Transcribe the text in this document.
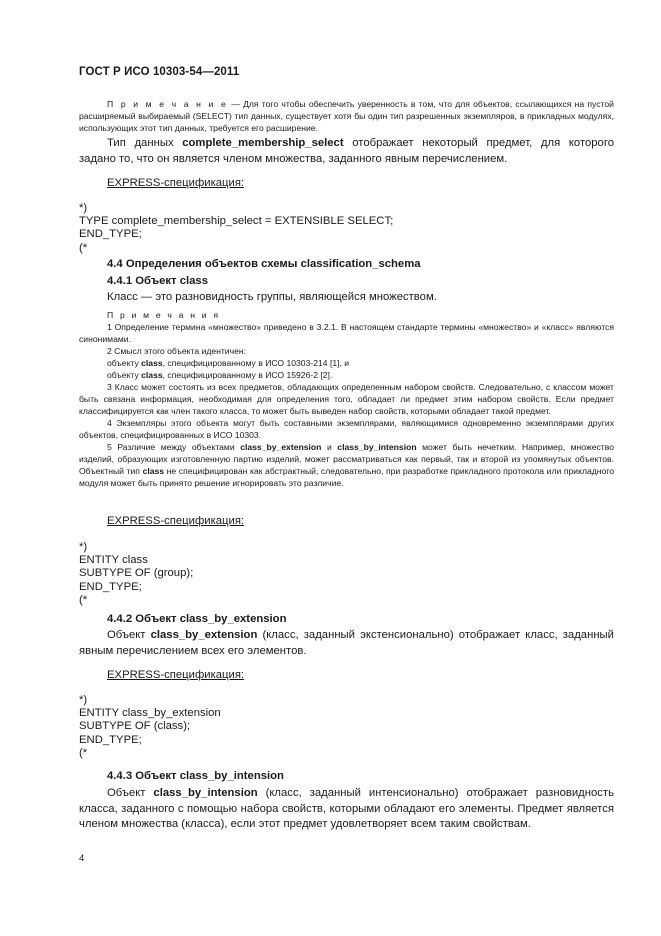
ГОСТ Р ИСО 10303-54—2011

П р и м е ч а н и е — Для того чтобы обеспечить уверенность в том, что для объектов, ссылающихся на пустой расширяемый выбираемый (SELECT) тип данных, существует хотя бы один тип разрешенных экземпляров, в прикладных модулях, использующих этот тип данных, требуется его расширение.

Тип данных complete_membership_select отображает некоторый предмет, для которого задано то, что он является членом множества, заданного явным перечислением.

EXPRESS-спецификация:
*)
TYPE complete_membership_select = EXTENSIBLE SELECT;
END_TYPE;
(*
4.4 Определения объектов схемы classification_schema
4.4.1 Объект class
Класс — это разновидность группы, являющейся множеством.

П р и м е ч а н и я

1 Определение термина «множество» приведено в 3.2.1. В настоящем стандарте термины «множество» и «класс» являются синонимами.

2 Смысл этого объекта идентичен:

объекту class, специфицированному в ИСО 10303-214 [1], и

объекту class, специфицированному в ИСО 15926-2 [2].

3 Класс может состоять из всех предметов, обладающих определенным набором свойств. Следовательно, с классом может быть связана информация, необходимая для определения того, обладает ли предмет этим набором свойств. Если предмет классифицируется как член такого класса, то может быть выведен набор свойств, которыми обладает такой предмет.

4 Экземпляры этого объекта могут быть составными экземплярами, являющимися одновременно экземплярами других объектов, специфицированных в ИСО 10303.

5 Различие между объектами class_by_extension и class_by_intension может быть нечетким. Например, множество изделий, образующих изготовленную партию изделий, может рассматриваться как первый, так и второй из упомянутых объектов. Объектный тип class не специфицирован как абстрактный, следовательно, при разработке прикладного протокола или прикладного модуля может быть принято решение игнорировать это различие.

EXPRESS-спецификация:
*)
ENTITY class
SUBTYPE OF (group);
END_TYPE;
(*
4.4.2 Объект class_by_extension

Объект class_by_extension (класс, заданный экстенсионально) отображает класс, заданный явным перечислением всех его элементов.

EXPRESS-спецификация:
*)
ENTITY class_by_extension
SUBTYPE OF (class);
END_TYPE;
(*
4.4.3 Объект class_by_intension

Объект class_by_intension (класс, заданный интенсионально) отображает разновидность класса, заданного с помощью набора свойств, которыми обладают его элементы. Предмет является членом множества (класса), если этот предмет удовлетворяет всем таким свойствам.

4
